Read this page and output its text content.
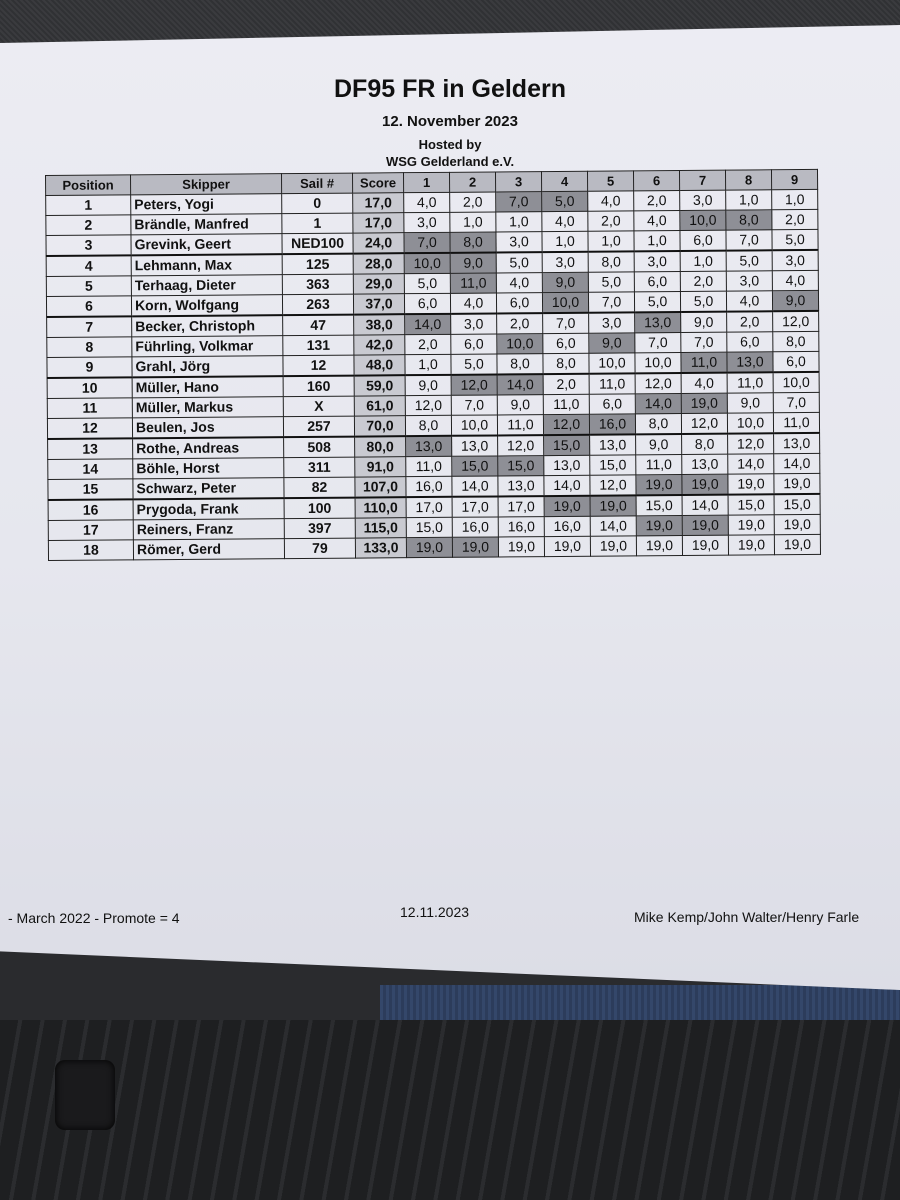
DF95 FR in Geldern
12. November 2023
Hosted by
WSG Gelderland e.V.
Position	Skipper	Sail #	Score	1	2	3	4	5	6	7	8	9
1	Peters, Yogi	0	17,0	4,0	2,0	7,0	5,0	4,0	2,0	3,0	1,0	1,0
2	Brändle, Manfred	1	17,0	3,0	1,0	1,0	4,0	2,0	4,0	10,0	8,0	2,0
3	Grevink, Geert	NED100	24,0	7,0	8,0	3,0	1,0	1,0	1,0	6,0	7,0	5,0
4	Lehmann, Max	125	28,0	10,0	9,0	5,0	3,0	8,0	3,0	1,0	5,0	3,0
5	Terhaag, Dieter	363	29,0	5,0	11,0	4,0	9,0	5,0	6,0	2,0	3,0	4,0
6	Korn, Wolfgang	263	37,0	6,0	4,0	6,0	10,0	7,0	5,0	5,0	4,0	9,0
7	Becker, Christoph	47	38,0	14,0	3,0	2,0	7,0	3,0	13,0	9,0	2,0	12,0
8	Führling, Volkmar	131	42,0	2,0	6,0	10,0	6,0	9,0	7,0	7,0	6,0	8,0
9	Grahl, Jörg	12	48,0	1,0	5,0	8,0	8,0	10,0	10,0	11,0	13,0	6,0
10	Müller, Hano	160	59,0	9,0	12,0	14,0	2,0	11,0	12,0	4,0	11,0	10,0
11	Müller, Markus	X	61,0	12,0	7,0	9,0	11,0	6,0	14,0	19,0	9,0	7,0
12	Beulen, Jos	257	70,0	8,0	10,0	11,0	12,0	16,0	8,0	12,0	10,0	11,0
13	Rothe, Andreas	508	80,0	13,0	13,0	12,0	15,0	13,0	9,0	8,0	12,0	13,0
14	Böhle, Horst	311	91,0	11,0	15,0	15,0	13,0	15,0	11,0	13,0	14,0	14,0
15	Schwarz, Peter	82	107,0	16,0	14,0	13,0	14,0	12,0	19,0	19,0	19,0	19,0
16	Prygoda, Frank	100	110,0	17,0	17,0	17,0	19,0	19,0	15,0	14,0	15,0	15,0
17	Reiners, Franz	397	115,0	15,0	16,0	16,0	16,0	14,0	19,0	19,0	19,0	19,0
18	Römer, Gerd	79	133,0	19,0	19,0	19,0	19,0	19,0	19,0	19,0	19,0	19,0
- March 2022 - Promote = 4	12.11.2023	Mike Kemp/John Walter/Henry Farle
